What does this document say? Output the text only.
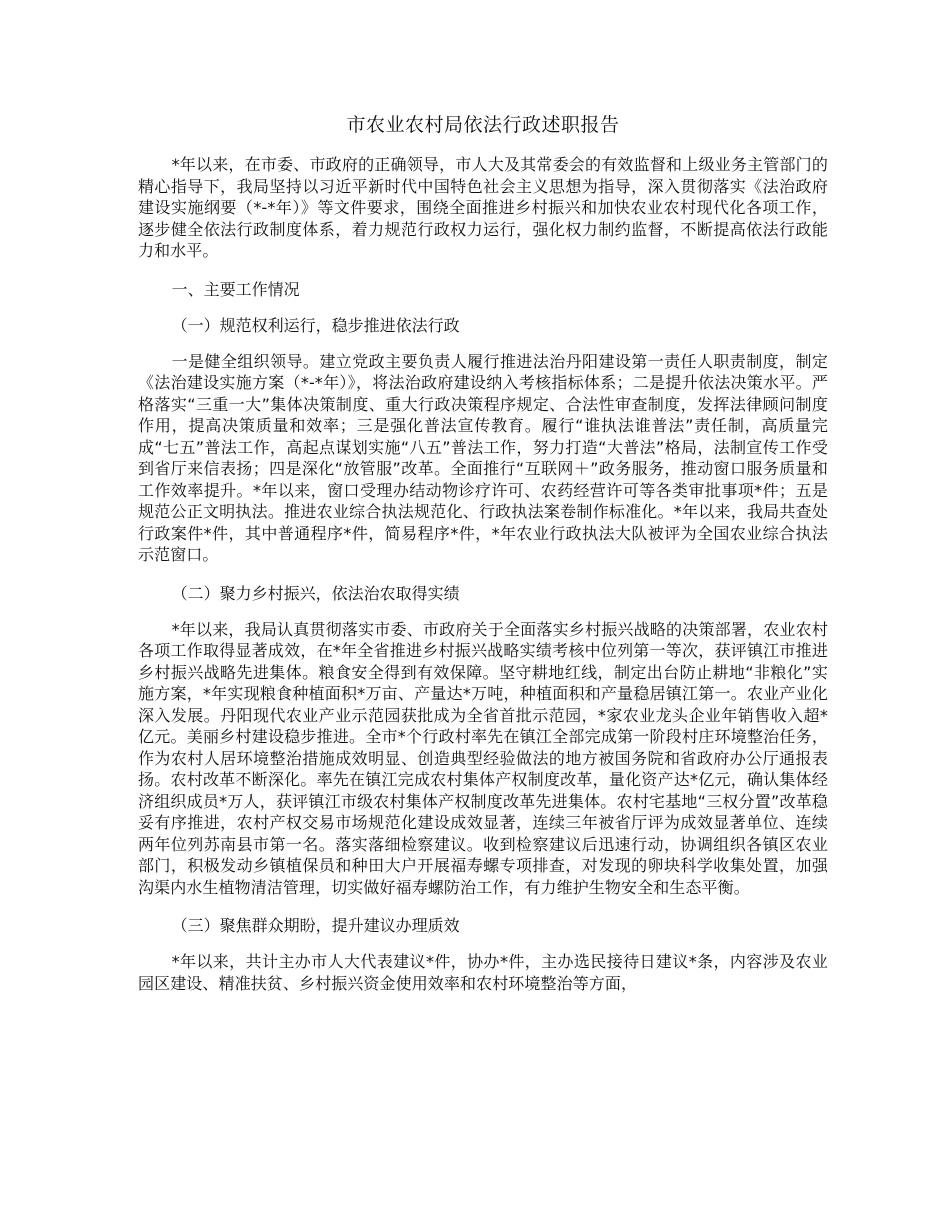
市农业农村局依法行政述职报告

*年以来，在市委、市政府的正确领导，市人大及其常委会的有效监督和上级业务主管部门的精心指导下，我局坚持以习近平新时代中国特色社会主义思想为指导，深入贯彻落实《法治政府建设实施纲要（*-*年）》等文件要求，围绕全面推进乡村振兴和加快农业农村现代化各项工作，逐步健全依法行政制度体系，着力规范行政权力运行，强化权力制约监督，不断提高依法行政能力和水平。

一、主要工作情况

（一）规范权利运行，稳步推进依法行政

一是健全组织领导。建立党政主要负责人履行推进法治丹阳建设第一责任人职责制度，制定《法治建设实施方案（*-*年）》，将法治政府建设纳入考核指标体系；二是提升依法决策水平。严格落实“三重一大”集体决策制度、重大行政决策程序规定、合法性审查制度，发挥法律顾问制度作用，提高决策质量和效率；三是强化普法宣传教育。履行“谁执法谁普法”责任制，高质量完成“七五”普法工作，高起点谋划实施“八五”普法工作，努力打造“大普法”格局，法制宣传工作受到省厅来信表扬；四是深化“放管服”改革。全面推行“互联网＋”政务服务，推动窗口服务质量和工作效率提升。*年以来，窗口受理办结动物诊疗许可、农药经营许可等各类审批事项*件；五是规范公正文明执法。推进农业综合执法规范化、行政执法案卷制作标准化。*年以来，我局共查处行政案件*件，其中普通程序*件，简易程序*件，*年农业行政执法大队被评为全国农业综合执法示范窗口。

（二）聚力乡村振兴，依法治农取得实绩

*年以来，我局认真贯彻落实市委、市政府关于全面落实乡村振兴战略的决策部署，农业农村各项工作取得显著成效，在*年全省推进乡村振兴战略实绩考核中位列第一等次，获评镇江市推进乡村振兴战略先进集体。粮食安全得到有效保障。坚守耕地红线，制定出台防止耕地“非粮化”实施方案，*年实现粮食种植面积*万亩、产量达*万吨，种植面积和产量稳居镇江第一。农业产业化深入发展。丹阳现代农业产业示范园获批成为全省首批示范园，*家农业龙头企业年销售收入超*亿元。美丽乡村建设稳步推进。全市*个行政村率先在镇江全部完成第一阶段村庄环境整治任务，作为农村人居环境整治措施成效明显、创造典型经验做法的地方被国务院和省政府办公厅通报表扬。农村改革不断深化。率先在镇江完成农村集体产权制度改革，量化资产达*亿元，确认集体经济组织成员*万人，获评镇江市级农村集体产权制度改革先进集体。农村宅基地“三权分置”改革稳妥有序推进，农村产权交易市场规范化建设成效显著，连续三年被省厅评为成效显著单位、连续两年位列苏南县市第一名。落实落细检察建议。收到检察建议后迅速行动，协调组织各镇区农业部门，积极发动乡镇植保员和种田大户开展福寿螺专项排查，对发现的卵块科学收集处置，加强沟渠内水生植物清洁管理，切实做好福寿螺防治工作，有力维护生物安全和生态平衡。

（三）聚焦群众期盼，提升建议办理质效

*年以来，共计主办市人大代表建议*件，协办*件，主办选民接待日建议*条，内容涉及农业园区建设、精准扶贫、乡村振兴资金使用效率和农村环境整治等方面，
